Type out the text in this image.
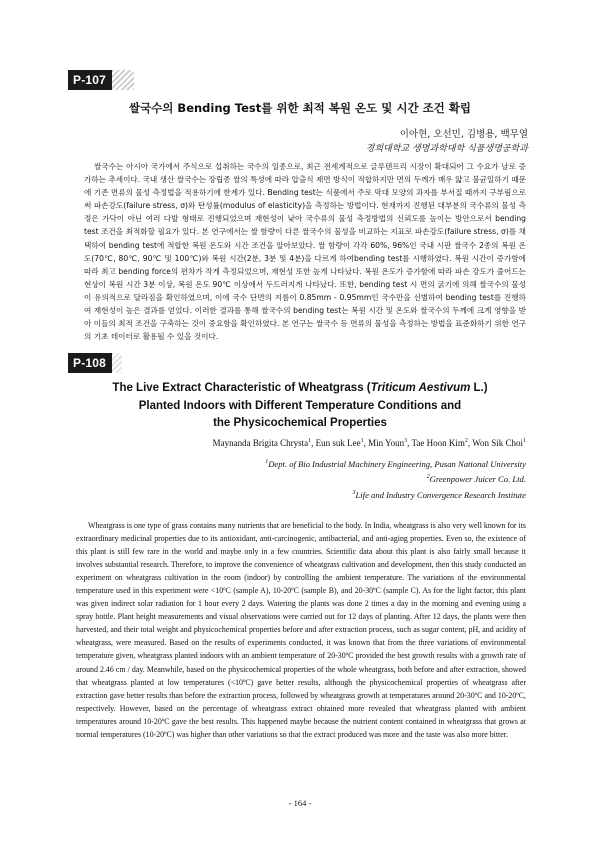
P-107
쌀국수의 Bending Test를 위한 최적 복원 온도 및 시간 조건 확립
이아현, 오선민, 김병용, 백무열
경희대학교 생명과학대학 식품생명공학과
쌀국수는 아시아 국가에서 주식으로 섭취하는 국수의 일종으로, 최근 전세계적으로 글루텐프리 시장이 확대되어 그 수요가 날로 증가하는 추세이다. 국내 생산 쌀국수는 장립종 쌀의 특성에 따라 압출식 제면 방식이 적합하지만 면의 두께가 매우 얇고 불균일하기 때문에 기존 면류의 물성 측정법을 적용하기에 한계가 있다. Bending test는 식품에서 주로 막대 모양의 과자를 부서질 때까지 구부림으로써 파손강도(failure stress, σ)와 탄성률(modulus of elasticity)을 측정하는 방법이다. 현재까지 진행된 대부분의 국수류의 물성 측정은 가닥이 아닌 여러 다발 형태로 진행되었으며 재현성이 낮아 국수류의 물성 측정방법의 신뢰도를 높이는 방안으로서 bending test 조건을 최적화할 필요가 있다. 본 연구에서는 쌀 함량이 다른 쌀국수의 물성을 비교하는 지표로 파손강도(failure stress, σ)를 채택하여 bending test에 적합한 복원 온도와 시간 조건을 알아보았다. 쌀 함량이 각각 60%, 96%인 국내 시판 쌀국수 2종의 복원 온도(70℃, 80℃, 90℃ 및 100℃)와 복원 시간(2분, 3분 및 4분)을 다르게 하여bending test를 시행하였다. 복원 시간이 증가함에 따라 최고 bending force의 편차가 작게 측정되었으며, 재현성 또한 높게 나타났다. 복원 온도가 증가함에 따라 파손 강도가 줄어드는 현상이 복원 시간 3분 이상, 복원 온도 90℃ 이상에서 두드러지게 나타났다. 또한, bending test 시 면의 굵기에 의해 쌀국수의 물성이 유의적으로 달라짐을 확인하였으며, 이에 국수 단면의 지름이 0.85mm - 0.95mm인 국수만을 선별하여 bending test를 진행하여 재현성이 높은 결과를 얻었다. 이러한 결과를 통해 쌀국수의 bending test는 복원 시간 및 온도와 쌀국수의 두께에 크게 영향을 받아 이들의 최적 조건을 구축하는 것이 중요함을 확인하였다. 본 연구는 쌀국수 등 면류의 물성을 측정하는 방법을 표준화하기 위한 연구의 기초 데이터로 활용될 수 있을 것이다.
P-108
The Live Extract Characteristic of Wheatgrass (Triticum Aestivum L.)
Planted Indoors with Different Temperature Conditions and
the Physicochemical Properties
Maynanda Brigita Chrysta$^1$, Eun suk Lee$^1$, Min Youn$^3$, Tae Hoon Kim$^2$, Won Sik Choi$^1$
$^1$Dept. of Bio Industrial Machinery Engineering, Pusan National University
$^2$Greenpower Juicer Co. Ltd.
$^3$Life and Industry Convergence Research Institute
Wheatgrass is one type of grass contains many nutrients that are beneficial to the body. In India, wheatgrass is also very well known for its extraordinary medicinal properties due to its antioxidant, anti-carcinogenic, antibacterial, and anti-aging properties. Even so, the existence of this plant is still few rare in the world and maybe only in a few countries. Scientific data about this plant is also fairly small because it involves substantial research. Therefore, to improve the convenience of wheatgrass cultivation and development, then this study conducted an experiment on wheatgrass cultivation in the room (indoor) by controlling the ambient temperature. The variations of the environmental temperature used in this experiment were <10ºC (sample A), 10-20ºC (sample B), and 20-30ºC (sample C). As for the light factor, this plant was given indirect solar radiation for 1 hour every 2 days. Watering the plants was done 2 times a day in the morning and evening using a spray bottle. Plant height measurements and visual observations were carried out for 12 days of planting. After 12 days, the plants were then harvested, and their total weight and physicochemical properties before and after extraction process, such as sugar content, pH, and acidity of wheatgrass, were measured. Based on the results of experiments conducted, it was known that from the three variations of environmental temperature given, wheatgrass planted indoors with an ambient temperature of 20-30ºC provided the best growth results with a growth rate of around 2.46 cm / day. Meanwhile, based on the physicochemical properties of the whole wheatgrass, both before and after extraction, showed that wheatgrass planted at low temperatures (<10ºC) gave better results, although the physicochemical properties of wheatgrass after extraction gave better results than before the extraction process, followed by wheatgrass growth at temperatures around 20-30ºC and 10-20ºC, respectively. However, based on the percentage of wheatgrass extract obtained more revealed that wheatgrass planted with ambient temperatures around 10-20ºC gave the best results. This happened maybe because the nutrient content contained in wheatgrass that grows at normal temperatures (10-20ºC) was higher than other variations so that the extract produced was more and the taste was also more bitter.
- 164 -
